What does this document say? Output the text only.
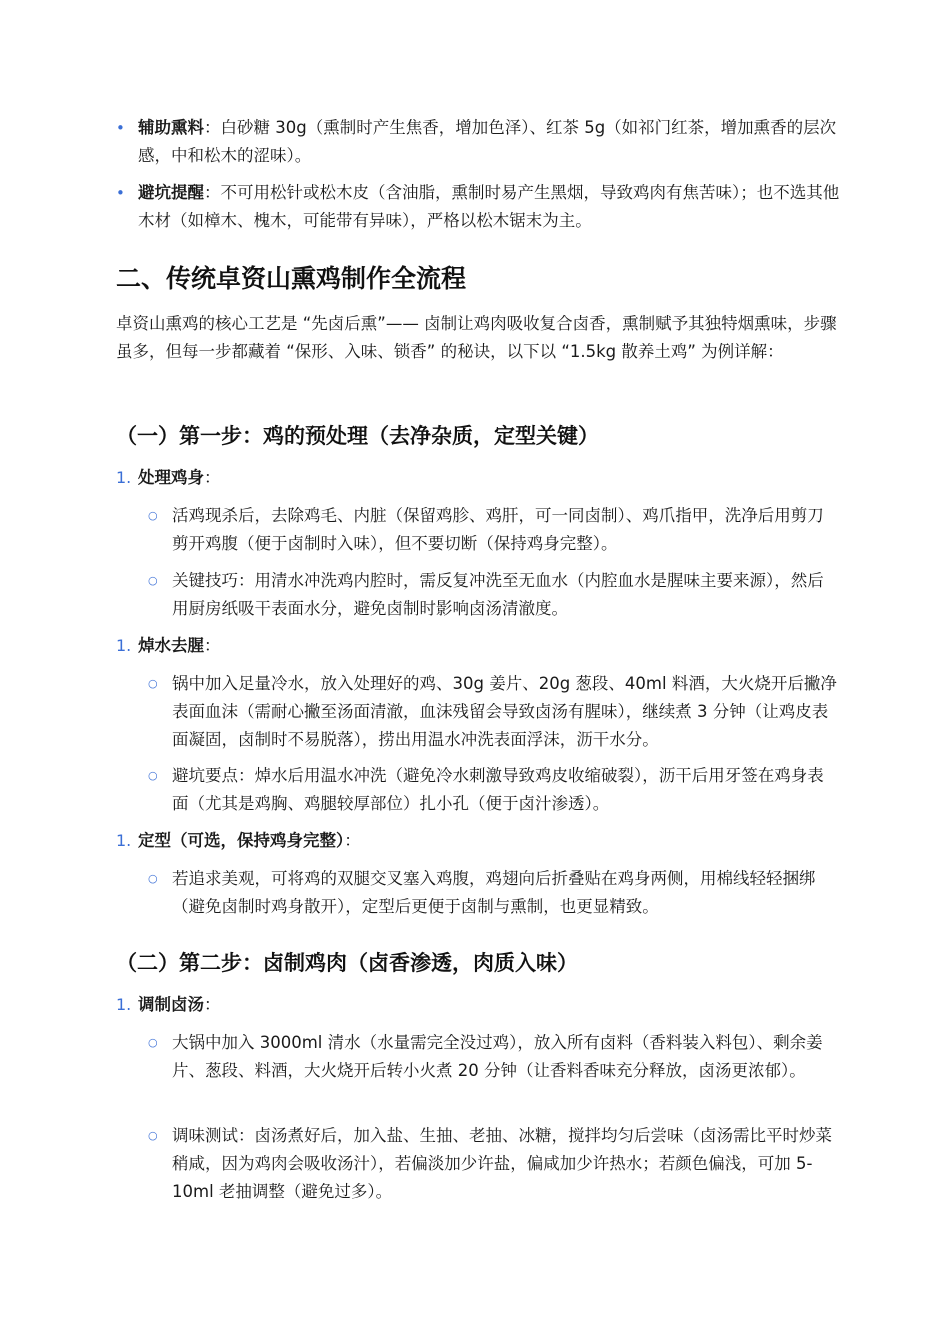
• 辅助熏料：白砂糖 30g（熏制时产生焦香，增加色泽）、红茶 5g（如祁门红茶，增加熏香的层次感，中和松木的涩味）。
• 避坑提醒：不可用松针或松木皮（含油脂，熏制时易产生黑烟，导致鸡肉有焦苦味）；也不选其他木材（如樟木、槐木，可能带有异味），严格以松木锯末为主。
二、传统卓资山熏鸡制作全流程
卓资山熏鸡的核心工艺是 “先卤后熏”—— 卤制让鸡肉吸收复合卤香，熏制赋予其独特烟熏味，步骤虽多，但每一步都藏着 “保形、入味、锁香” 的秘诀，以下以 “1.5kg 散养土鸡” 为例详解：
（一）第一步：鸡的预处理（去净杂质，定型关键）
1. 处理鸡身：
○ 活鸡现杀后，去除鸡毛、内脏（保留鸡胗、鸡肝，可一同卤制）、鸡爪指甲，洗净后用剪刀剪开鸡腹（便于卤制时入味），但不要切断（保持鸡身完整）。
○ 关键技巧：用清水冲洗鸡内腔时，需反复冲洗至无血水（内腔血水是腥味主要来源），然后用厨房纸吸干表面水分，避免卤制时影响卤汤清澈度。
1. 焯水去腥：
○ 锅中加入足量冷水，放入处理好的鸡、30g 姜片、20g 葱段、40ml 料酒，大火烧开后撇净表面血沫（需耐心撇至汤面清澈，血沫残留会导致卤汤有腥味），继续煮 3 分钟（让鸡皮表面凝固，卤制时不易脱落），捞出用温水冲洗表面浮沫，沥干水分。
○ 避坑要点：焯水后用温水冲洗（避免冷水刺激导致鸡皮收缩破裂），沥干后用牙签在鸡身表面（尤其是鸡胸、鸡腿较厚部位）扎小孔（便于卤汁渗透）。
1. 定型（可选，保持鸡身完整）：
○ 若追求美观，可将鸡的双腿交叉塞入鸡腹，鸡翅向后折叠贴在鸡身两侧，用棉线轻轻捆绑（避免卤制时鸡身散开），定型后更便于卤制与熏制，也更显精致。
（二）第二步：卤制鸡肉（卤香渗透，肉质入味）
1. 调制卤汤：
○ 大锅中加入 3000ml 清水（水量需完全没过鸡），放入所有卤料（香料装入料包）、剩余姜片、葱段、料酒，大火烧开后转小火煮 20 分钟（让香料香味充分释放，卤汤更浓郁）。
○ 调味测试：卤汤煮好后，加入盐、生抽、老抽、冰糖，搅拌均匀后尝味（卤汤需比平时炒菜稍咸，因为鸡肉会吸收汤汁），若偏淡加少许盐，偏咸加少许热水；若颜色偏浅，可加 5-10ml 老抽调整（避免过多）。
